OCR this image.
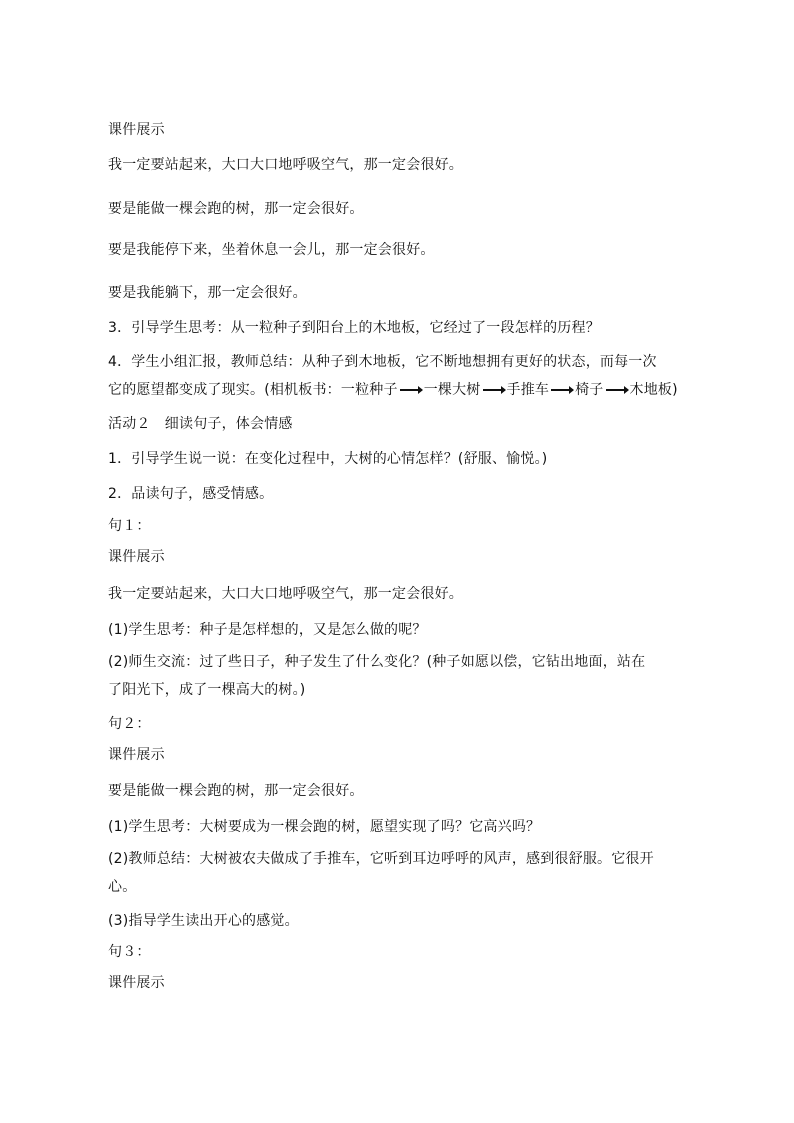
课件展示
我一定要站起来，大口大口地呼吸空气，那一定会很好。
要是能做一棵会跑的树，那一定会很好。
要是我能停下来，坐着休息一会儿，那一定会很好。
要是我能躺下，那一定会很好。
3．引导学生思考：从一粒种子到阳台上的木地板，它经过了一段怎样的历程？
4．学生小组汇报，教师总结：从种子到木地板，它不断地想拥有更好的状态，而每一次
它的愿望都变成了现实。(相机板书：一粒种子 一棵大树 手推车 椅子 木地板)
活动２　细读句子，体会情感
1．引导学生说一说：在变化过程中，大树的心情怎样？(舒服、愉悦。)
2．品读句子，感受情感。
句１：
课件展示
我一定要站起来，大口大口地呼吸空气，那一定会很好。
(1)学生思考：种子是怎样想的，又是怎么做的呢？
(2)师生交流：过了些日子，种子发生了什么变化？(种子如愿以偿，它钻出地面，站在
了阳光下，成了一棵高大的树。)
句２：
课件展示
要是能做一棵会跑的树，那一定会很好。
(1)学生思考：大树要成为一棵会跑的树，愿望实现了吗？它高兴吗？
(2)教师总结：大树被农夫做成了手推车，它听到耳边呼呼的风声，感到很舒服。它很开
心。
(3)指导学生读出开心的感觉。
句３：
课件展示
